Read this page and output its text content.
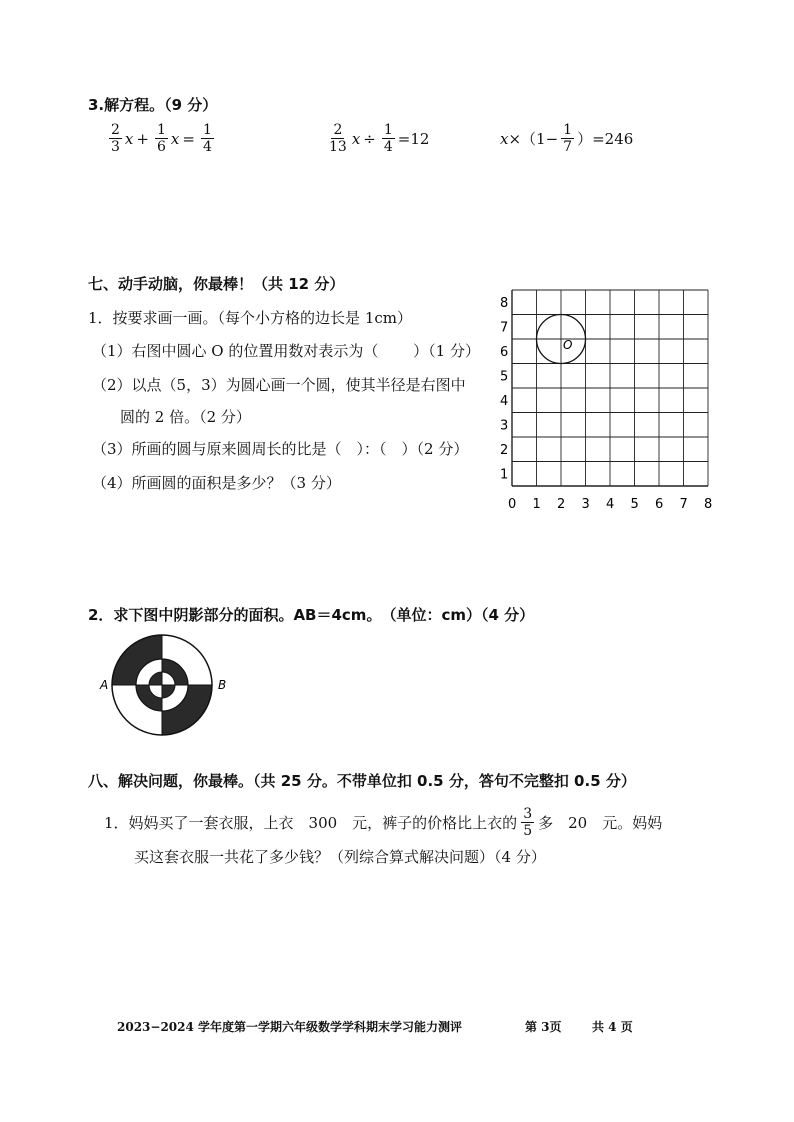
3.解方程。（9 分）
$\frac{2}{3}$ $x + \frac{1}{6}$ $x = \frac{1}{4}$	$\frac{2}{13}$ $x \div \frac{1}{4} =12$	$x \times(1- \frac{1}{7} )=246$
七、动手动脑，你最棒！（共 12 分）
1．按要求画一画。（每个小方格的边长是 1cm）
（1）右图中圆心 O 的位置用数对表示为（　　 ）（1 分）
（2）以点（5，3）为圆心画一个圆，使其半径是右图中
圆的 2 倍。（2 分）
（3）所画的圆与原来圆周长的比是（　）：（　）（2 分）
（4）所画圆的面积是多少？（3 分）
0 1 2 3 4 5 6 7 8
1
2
3
4
5
6
7
8
O
2．求下图中阴影部分的面积。AB＝4cm。　（单位：cm）（4 分）
A	B
八、解决问题，你最棒。（共 25 分。不带单位扣 0.5 分，答句不完整扣 0.5 分）
1．妈妈买了一套衣服，上衣　300　元，裤子的价格比上衣的 $\frac{3}{5}$ 多　20　元。妈妈
买这套衣服一共花了多少钱？（列综合算式解决问题）（4 分）
2023−2024 学年度第一学期六年级数学学科期末学习能力测评	第 3页	共 4 页
